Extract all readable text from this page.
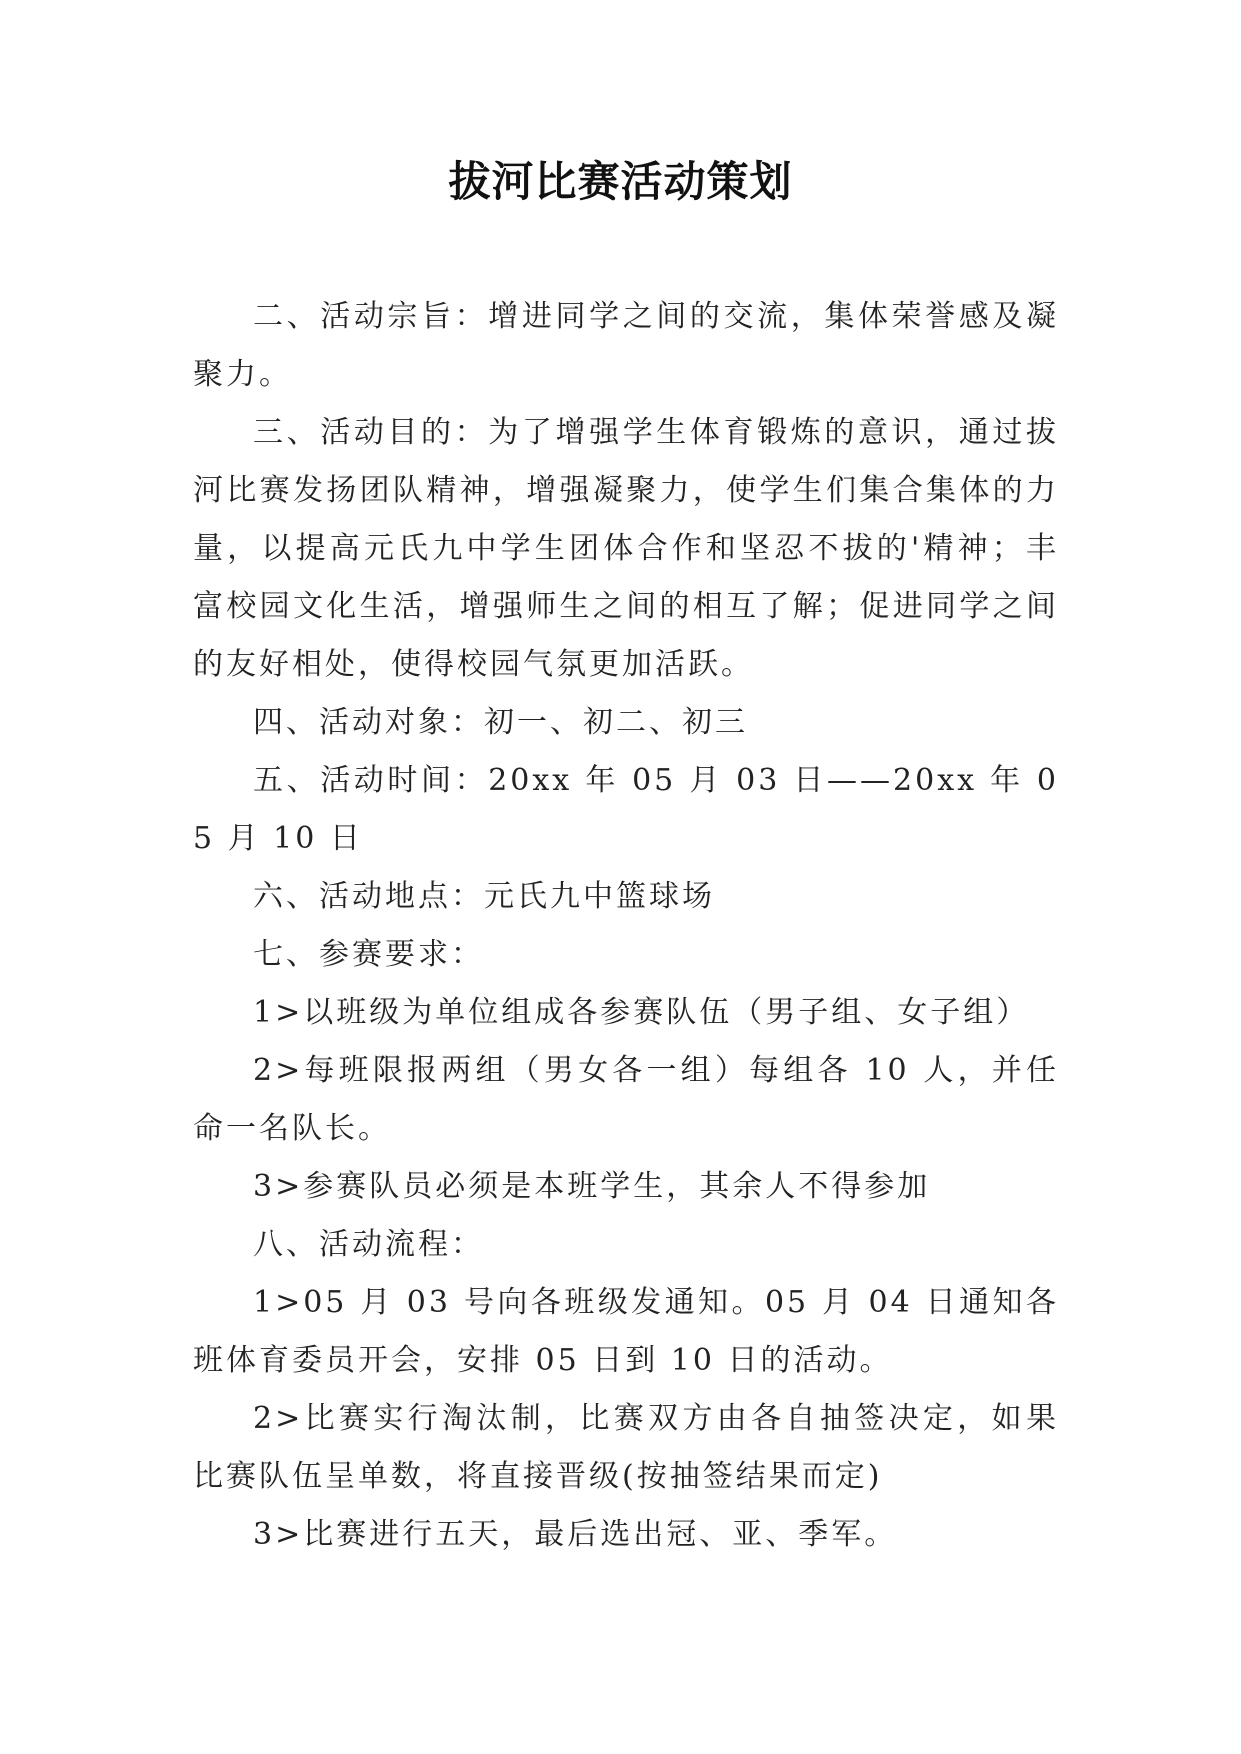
拔河比赛活动策划

二、活动宗旨：增进同学之间的交流，集体荣誉感及凝聚力。

三、活动目的：为了增强学生体育锻炼的意识，通过拔河比赛发扬团队精神，增强凝聚力，使学生们集合集体的力量，以提高元氏九中学生团体合作和坚忍不拔的'精神；丰富校园文化生活，增强师生之间的相互了解；促进同学之间的友好相处，使得校园气氛更加活跃。

四、活动对象：初一、初二、初三

五、活动时间：20xx 年 05 月 03 日——20xx 年 05 月 10 日

六、活动地点：元氏九中篮球场

七、参赛要求：

1>以班级为单位组成各参赛队伍（男子组、女子组）

2>每班限报两组（男女各一组）每组各 10 人，并任命一名队长。

3>参赛队员必须是本班学生，其余人不得参加

八、活动流程：

1>05 月 03 号向各班级发通知。05 月 04 日通知各班体育委员开会，安排 05 日到 10 日的活动。

2>比赛实行淘汰制，比赛双方由各自抽签决定，如果比赛队伍呈单数，将直接晋级(按抽签结果而定)

3>比赛进行五天，最后选出冠、亚、季军。
